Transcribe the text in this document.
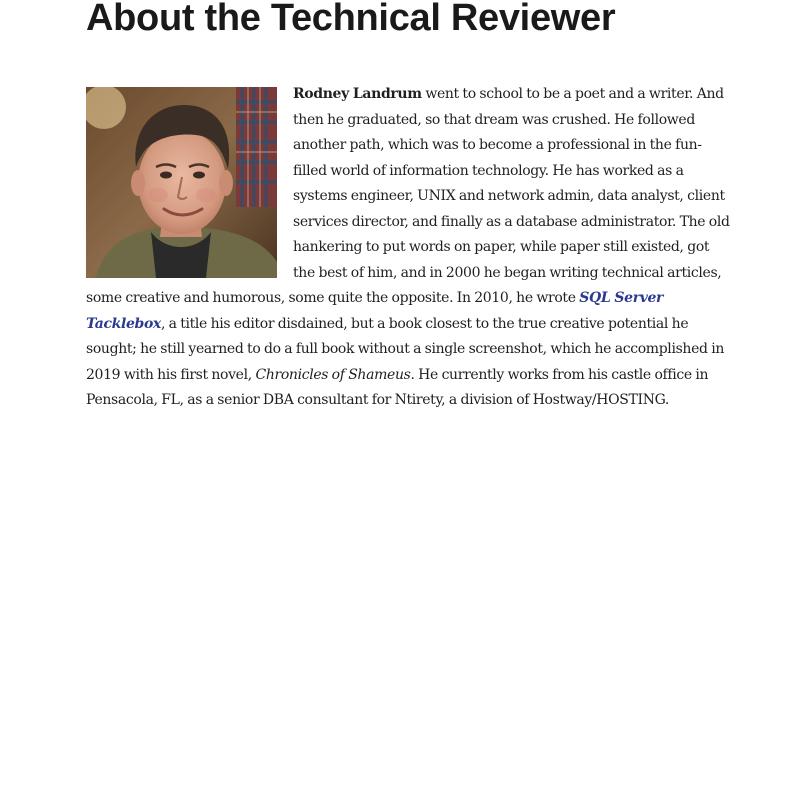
About the Technical Reviewer

Rodney Landrum went to school to be a poet and a writer. And then he graduated, so that dream was crushed. He followed another path, which was to become a professional in the fun-filled world of information technology. He has worked as a systems engineer, UNIX and network admin, data analyst, client services director, and finally as a database administrator. The old hankering to put words on paper, while paper still existed, got the best of him, and in 2000 he began writing technical articles, some creative and humorous, some quite the opposite. In 2010, he wrote SQL Server Tacklebox, a title his editor disdained, but a book closest to the true creative potential he sought; he still yearned to do a full book without a single screenshot, which he accomplished in 2019 with his first novel, Chronicles of Shameus. He currently works from his castle office in Pensacola, FL, as a senior DBA consultant for Ntirety, a division of Hostway/HOSTING.
